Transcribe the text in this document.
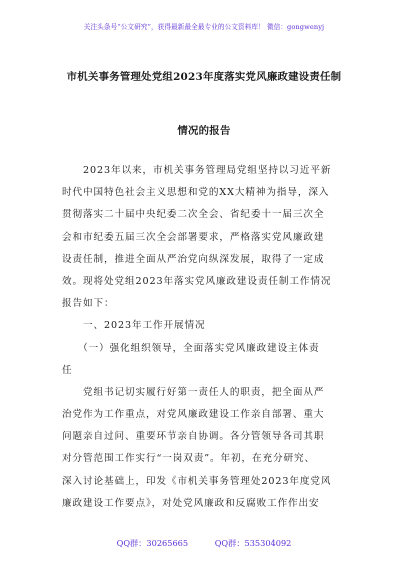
关注头条号“公文研究”，获得最新最全最专业的公文资料库！ 微信：gongwenyj
市机关事务管理处党组2023年度落实党风廉政建设责任制
情况的报告
　　2023年以来，市机关事务管理局党组坚持以习近平新
时代中国特色社会主义思想和党的XX大精神为指导，深入
贯彻落实二十届中央纪委二次全会、省纪委十一届三次全
会和市纪委五届三次全会部署要求，严格落实党风廉政建
设责任制，推进全面从严治党向纵深发展，取得了一定成
效。现将处党组2023年落实党风廉政建设责任制工作情况
报告如下：
　　一、2023年工作开展情况
　　（一）强化组织领导，全面落实党风廉政建设主体责
任
　　党组书记切实履行好第一责任人的职责，把全面从严
治党作为工作重点，对党风廉政建设工作亲自部署、重大
问题亲自过问、重要环节亲自协调。各分管领导各司其职
对分管范围工作实行“一岗双责”。年初，在充分研究、
深入讨论基础上，印发《市机关事务管理处2023年度党风
廉政建设工作要点》，对处党风廉政和反腐败工作作出安
QQ群：30265665	QQ群：535304092
